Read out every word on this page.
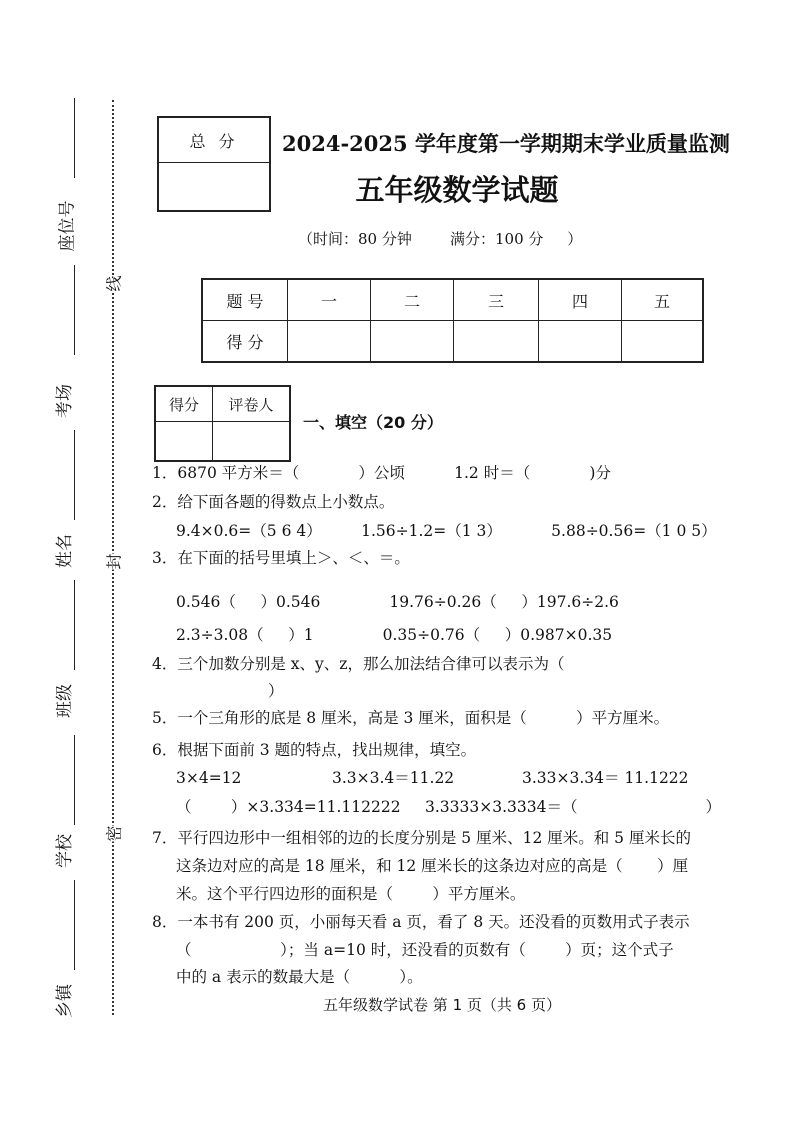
座位号
考场
姓名
班级
学校
乡镇
线
封
密
总 分	2024-2025 学年度第一学期期末学业质量监测
五年级数学试题
（时间：80 分钟        满分：100 分     ）
题 号	一	二	三	四	五
得 分					
得分	评卷人

一、填空（20 分）
1．6870 平方米＝（            ）公顷          1.2 时＝（            )分
2．给下面各题的得数点上小数点。
9.4×0.6=（5 6 4）        1.56÷1.2=（1 3）          5.88÷0.56=（1 0 5）
3．在下面的括号里填上＞、＜、＝。
0.546（     ）0.546              19.76÷0.26（     ）197.6÷2.6
2.3÷3.08（     ）1              0.35÷0.76（     ）0.987×0.35
4．三个加数分别是 x、y、z，那么加法结合律可以表示为（
）
5．一个三角形的底是 8 厘米，高是 3 厘米，面积是（          ）平方厘米。
6．根据下面前 3 题的特点，找出规律，填空。
3×4=12	3.3×3.4＝11.22	3.33×3.34＝ 11.1222
（        ）×3.334=11.112222 3.3333×3.3334＝（                          ）
7．平行四边形中一组相邻的边的长度分别是 5 厘米、12 厘米。和 5 厘米长的
这条边对应的高是 18 厘米，和 12 厘米长的这条边对应的高是（       ）厘
米。这个平行四边形的面积是（        ）平方厘米。
8．一本书有 200 页，小丽每天看 a 页，看了 8 天。还没看的页数用式子表示
（                  ）；当 a=10 时，还没看的页数有（        ）页；这个式子
中的 a 表示的数最大是（          ）。
五年级数学试卷 第 1 页（共 6 页）
